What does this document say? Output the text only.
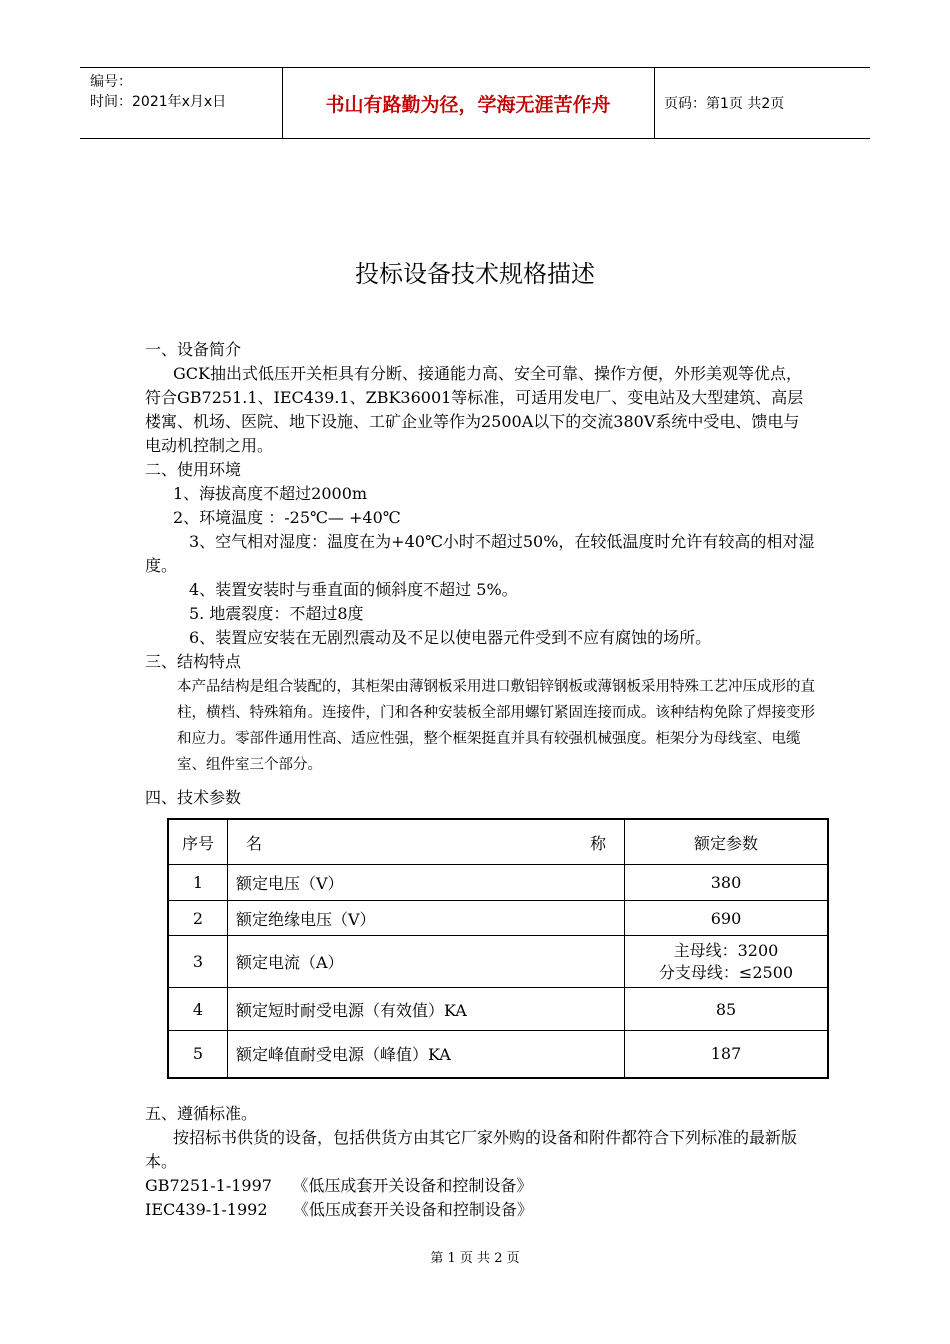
编号：
时间：2021年x月x日	书山有路勤为径，学海无涯苦作舟	页码：第1页 共2页
投标设备技术规格描述

一、设备简介

GCK抽出式低压开关柜具有分断、接通能力高、安全可靠、操作方便，外形美观等优点，符合GB7251.1、IEC439.1、ZBK36001等标准，可适用发电厂、变电站及大型建筑、高层楼寓、机场、医院、地下设施、工矿企业等作为2500A以下的交流380V系统中受电、馈电与电动机控制之用。

二、使用环境

1、海拔高度不超过2000m

2、环境温度 ：-25℃— +40℃

3、空气相对湿度：温度在为+40℃小时不超过50%，在较低温度时允许有较高的相对湿度。

4、装置安装时与垂直面的倾斜度不超过 5%。

5. 地震裂度：不超过8度

6、装置应安装在无剧烈震动及不足以使电器元件受到不应有腐蚀的场所。

三、结构特点

本产品结构是组合装配的，其柜架由薄钢板采用进口敷铝锌钢板或薄钢板采用特殊工艺冲压成形的直柱，横档、特殊箱角。连接件，门和各种安装板全部用螺钉紧固连接而成。该种结构免除了焊接变形和应力。零部件通用性高、适应性强，整个框架挺直并具有较强机械强度。柜架分为母线室、电缆室、组件室三个部分。

四、技术参数

序号	名 称	额定参数
1	额定电压（V）	380
2	额定绝缘电压（V）	690
3	额定电流（A）	主母线：3200
分支母线：≤2500

4	额定短时耐受电源（有效值）KA	85
5	额定峰值耐受电源（峰值）KA	187

五、遵循标准。

按招标书供货的设备，包括供货方由其它厂家外购的设备和附件都符合下列标准的最新版本。

GB7251-1-1997    《低压成套开关设备和控制设备》

IEC439-1-1992     《低压成套开关设备和控制设备》

第 1 页 共 2 页
